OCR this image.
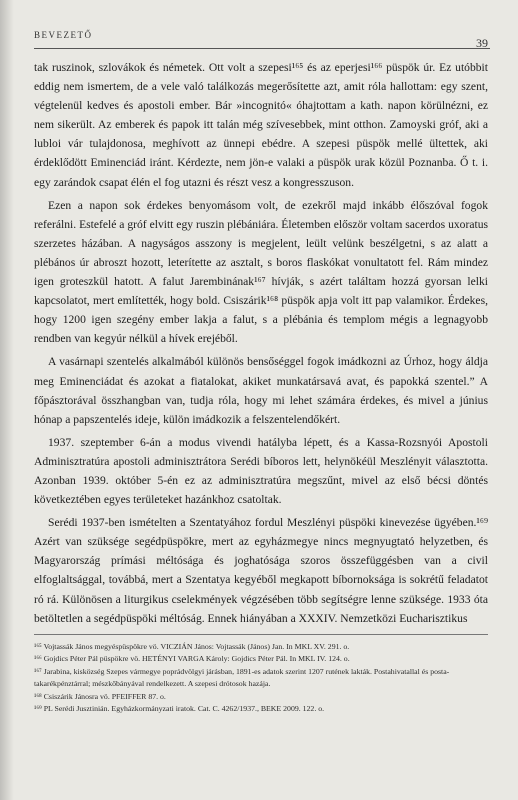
BEVEZETŐ
39

tak ruszinok, szlovákok és németek. Ott volt a szepesi¹⁶⁵ és az eperjesi¹⁶⁶ püspök úr. Ez utóbbit eddig nem ismertem, de a vele való találkozás megerősítette azt, amit róla hallottam: egy szent, végtelenül kedves és apostoli ember. Bár »incognitó« óhajtottam a kath. napon körülnézni, ez nem sikerült. Az emberek és papok itt talán még szívesebbek, mint otthon. Zamoyski gróf, aki a lubloi vár tulajdonosa, meghívott az ünnepi ebédre. A szepesi püspök mellé ültettek, aki érdeklődött Eminenciád iránt. Kérdezte, nem jön-e valaki a püspök urak közül Poznanba. Ő t. i. egy zarándok csapat élén el fog utazni és részt vesz a kongresszuson.

Ezen a napon sok érdekes benyomásom volt, de ezekről majd inkább élőszóval fogok referálni. Estefelé a gróf elvitt egy ruszin plébániára. Életemben először voltam sacerdos uxoratus szerzetes házában. A nagyságos asszony is megjelent, leült velünk beszélgetni, s az alatt a plébános úr abroszt hozott, leterítette az asztalt, s boros flaskókat vonultatott fel. Rám mindez igen groteszkül hatott. A falut Jarembinának¹⁶⁷ hívják, s azért találtam hozzá gyorsan lelki kapcsolatot, mert említették, hogy bold. Csiszárik¹⁶⁸ püspök apja volt itt pap valamikor. Érdekes, hogy 1200 igen szegény ember lakja a falut, s a plébánia és templom mégis a legnagyobb rendben van kegyúr nélkül a hívek erejéből.

A vasárnapi szentelés alkalmából különös bensőséggel fogok imádkozni az Úrhoz, hogy áldja meg Eminenciádat és azokat a fiatalokat, akiket munkatársavá avat, és papokká szentel.” A főpásztorával összhangban van, tudja róla, hogy mi lehet számára érdekes, és mivel a június hónap a papszentelés ideje, külön imádkozik a felszentelendőkért.

1937. szeptember 6-án a modus vivendi hatályba lépett, és a Kassa-Rozsnyói Apostoli Adminisztratúra apostoli adminisztrátora Serédi bíboros lett, helynökéül Meszlényit választotta. Azonban 1939. október 5-én ez az adminisztratúra megszűnt, mivel az első bécsi döntés következtében egyes területeket hazánkhoz csatoltak.

Serédi 1937-ben ismételten a Szentatyához fordul Meszlényi püspöki kinevezése ügyében.¹⁶⁹ Azért van szüksége segédpüspökre, mert az egyházmegye nincs megnyugtató helyzetben, és Magyarország prímási méltósága és joghatósága szoros összefüggésben van a civil elfoglaltsággal, továbbá, mert a Szentatya kegyéből megkapott bíbornoksága is sokrétű feladatot ró rá. Különösen a liturgikus cselekmények végzésében több segítségre lenne szüksége. 1933 óta betöltetlen a segédpüspöki méltóság. Ennek hiányában a XXXIV. Nemzetközi Eucharisztikus

¹⁶⁵ Vojtassák János megyéspüspökre vö. VICZIÁN János: Vojtassák (János) Jan. In MKL XV. 291. o.

¹⁶⁶ Gojdics Péter Pál püspökre vö. HETÉNYI VARGA Károly: Gojdics Péter Pál. In MKL IV. 124. o.

¹⁶⁷ Jarabina, kisközség Szepes vármegye poprádvölgyi járásban, 1891-es adatok szerint 1207 rutének lakták. Postahivatallal és posta-takarékpénztárral; mészkőbányával rendelkezett. A szepesi drótosok hazája.

¹⁶⁸ Csiszárik Jánosra vö. PFEIFFER 87. o.

¹⁶⁹ PL Serédi Jusztinián. Egyházkormányzati iratok. Cat. C. 4262/1937., BEKE 2009. 122. o.
